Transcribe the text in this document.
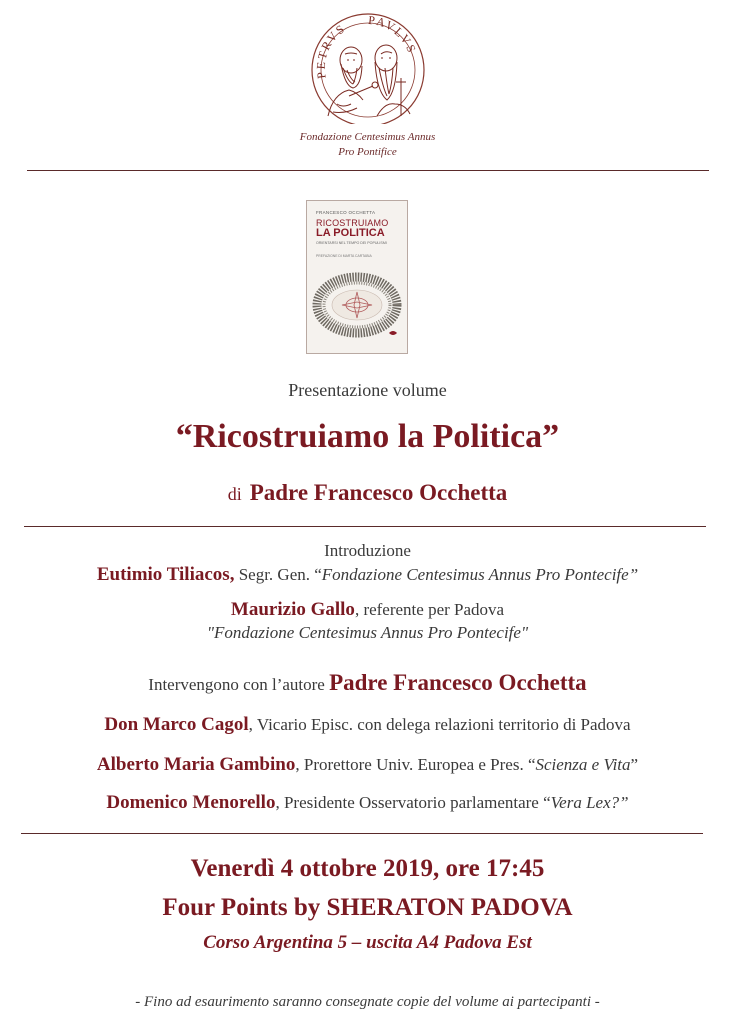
PETRVS
PAVLVS
Fondazione Centesimus Annus
Pro Pontifice
FRANCESCO OCCHETTA
RICOSTRUIAMO
LA POLITICA
ORIENTARSI NEL TEMPO DEI POPULISMI
PREFAZIONE DI MARTA CARTABIA
Presentazione volume
“Ricostruiamo la Politica”
di Padre Francesco Occhetta
Introduzione
Eutimio Tiliacos, Segr. Gen. “Fondazione Centesimus Annus Pro Pontecife”
Maurizio Gallo, referente per Padova
"Fondazione Centesimus Annus Pro Pontecife"
Intervengono con l’autore Padre Francesco Occhetta
Don Marco Cagol, Vicario Episc. con delega relazioni territorio di Padova
Alberto Maria Gambino, Prorettore Univ. Europea e Pres. “Scienza e Vita”
Domenico Menorello, Presidente Osservatorio parlamentare “Vera Lex?”
Venerdì 4 ottobre 2019, ore 17:45
Four Points by SHERATON PADOVA
Corso Argentina 5 – uscita A4 Padova Est
- Fino ad esaurimento saranno consegnate copie del volume ai partecipanti -
